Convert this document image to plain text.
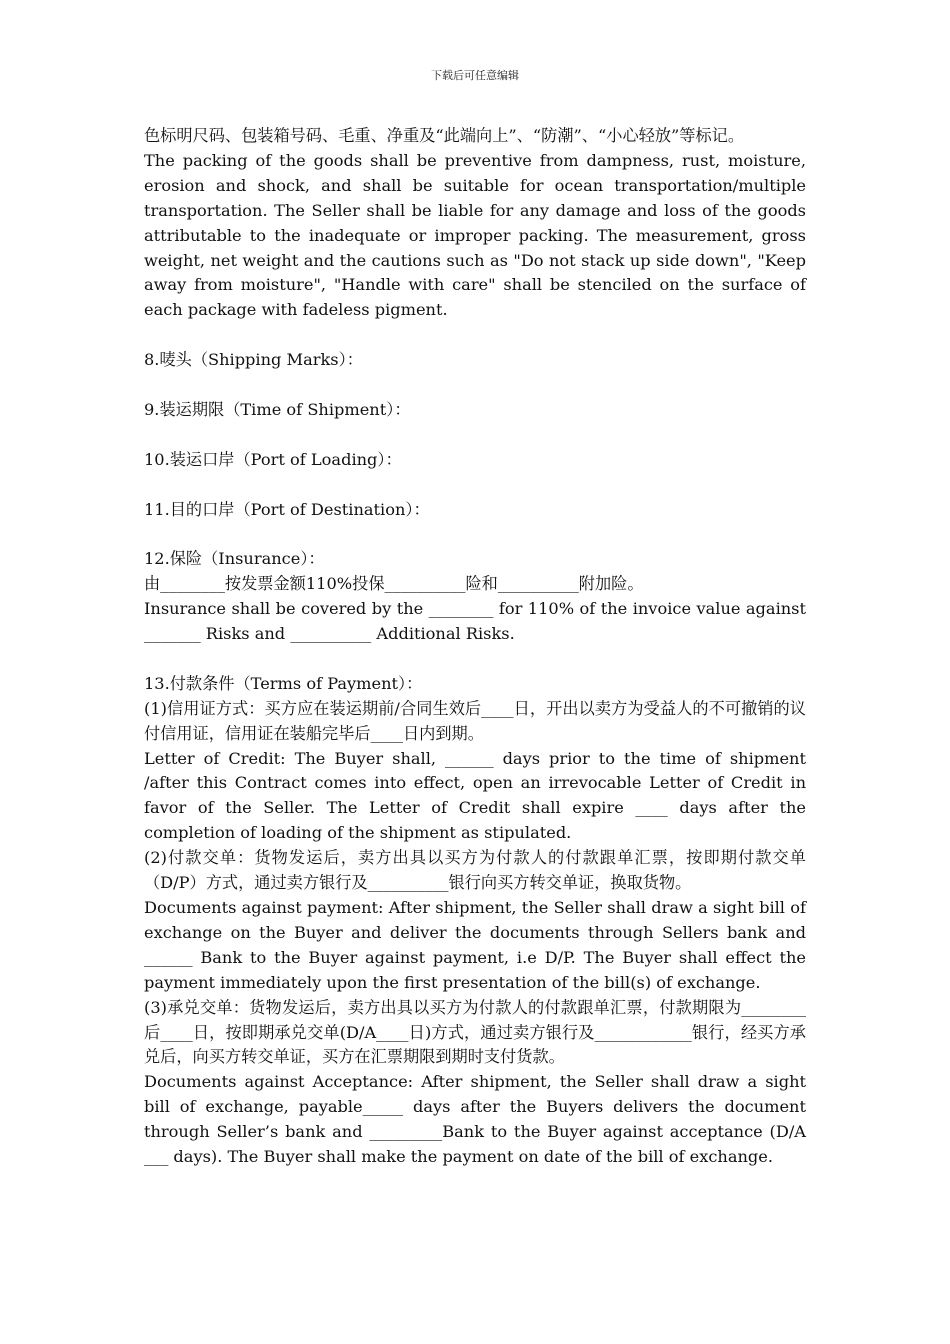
下载后可任意编辑

色标明尺码、包装箱号码、毛重、净重及“此端向上”、“防潮”、“小心轻放”等标记。

The packing of the goods shall be preventive from dampness, rust, moisture, erosion and shock, and shall be suitable for ocean transportation/multiple transportation. The Seller shall be liable for any damage and loss of the goods attributable to the inadequate or improper packing. The measurement, gross weight, net weight and the cautions such as "Do not stack up side down", "Keep away from moisture", "Handle with care" shall be stenciled on the surface of each package with fadeless pigment.

8.唛头（Shipping Marks）：

9.装运期限（Time of Shipment）：

10.装运口岸（Port of Loading）：

11.目的口岸（Port of Destination）：

12.保险（Insurance）：

由________按发票金额110%投保__________险和__________附加险。

Insurance shall be covered by the ________ for 110% of the invoice value against _______ Risks and __________ Additional Risks.

13.付款条件（Terms of Payment）：

(1)信用证方式：买方应在装运期前/合同生效后____日，开出以卖方为受益人的不可撤销的议付信用证，信用证在装船完毕后____日内到期。

Letter of Credit: The Buyer shall, ______ days prior to the time of shipment /after this Contract comes into effect, open an irrevocable Letter of Credit in favor of the Seller. The Letter of Credit shall expire ____ days after the completion of loading of the shipment as stipulated.

(2)付款交单：货物发运后，卖方出具以买方为付款人的付款跟单汇票，按即期付款交单（D/P）方式，通过卖方银行及__________银行向买方转交单证，换取货物。

Documents against payment: After shipment, the Seller shall draw a sight bill of exchange on the Buyer and deliver the documents through Sellers bank and ______ Bank to the Buyer against payment, i.e D/P. The Buyer shall effect the payment immediately upon the first presentation of the bill(s) of exchange.

(3)承兑交单：货物发运后，卖方出具以买方为付款人的付款跟单汇票，付款期限为________后____日，按即期承兑交单(D/A____日)方式，通过卖方银行及____________银行，经买方承兑后，向买方转交单证，买方在汇票期限到期时支付货款。

Documents against Acceptance: After shipment, the Seller shall draw a sight bill of exchange, payable_____ days after the Buyers delivers the document through Seller’s bank and _________Bank to the Buyer against acceptance (D/A ___ days). The Buyer shall make the payment on date of the bill of exchange.
